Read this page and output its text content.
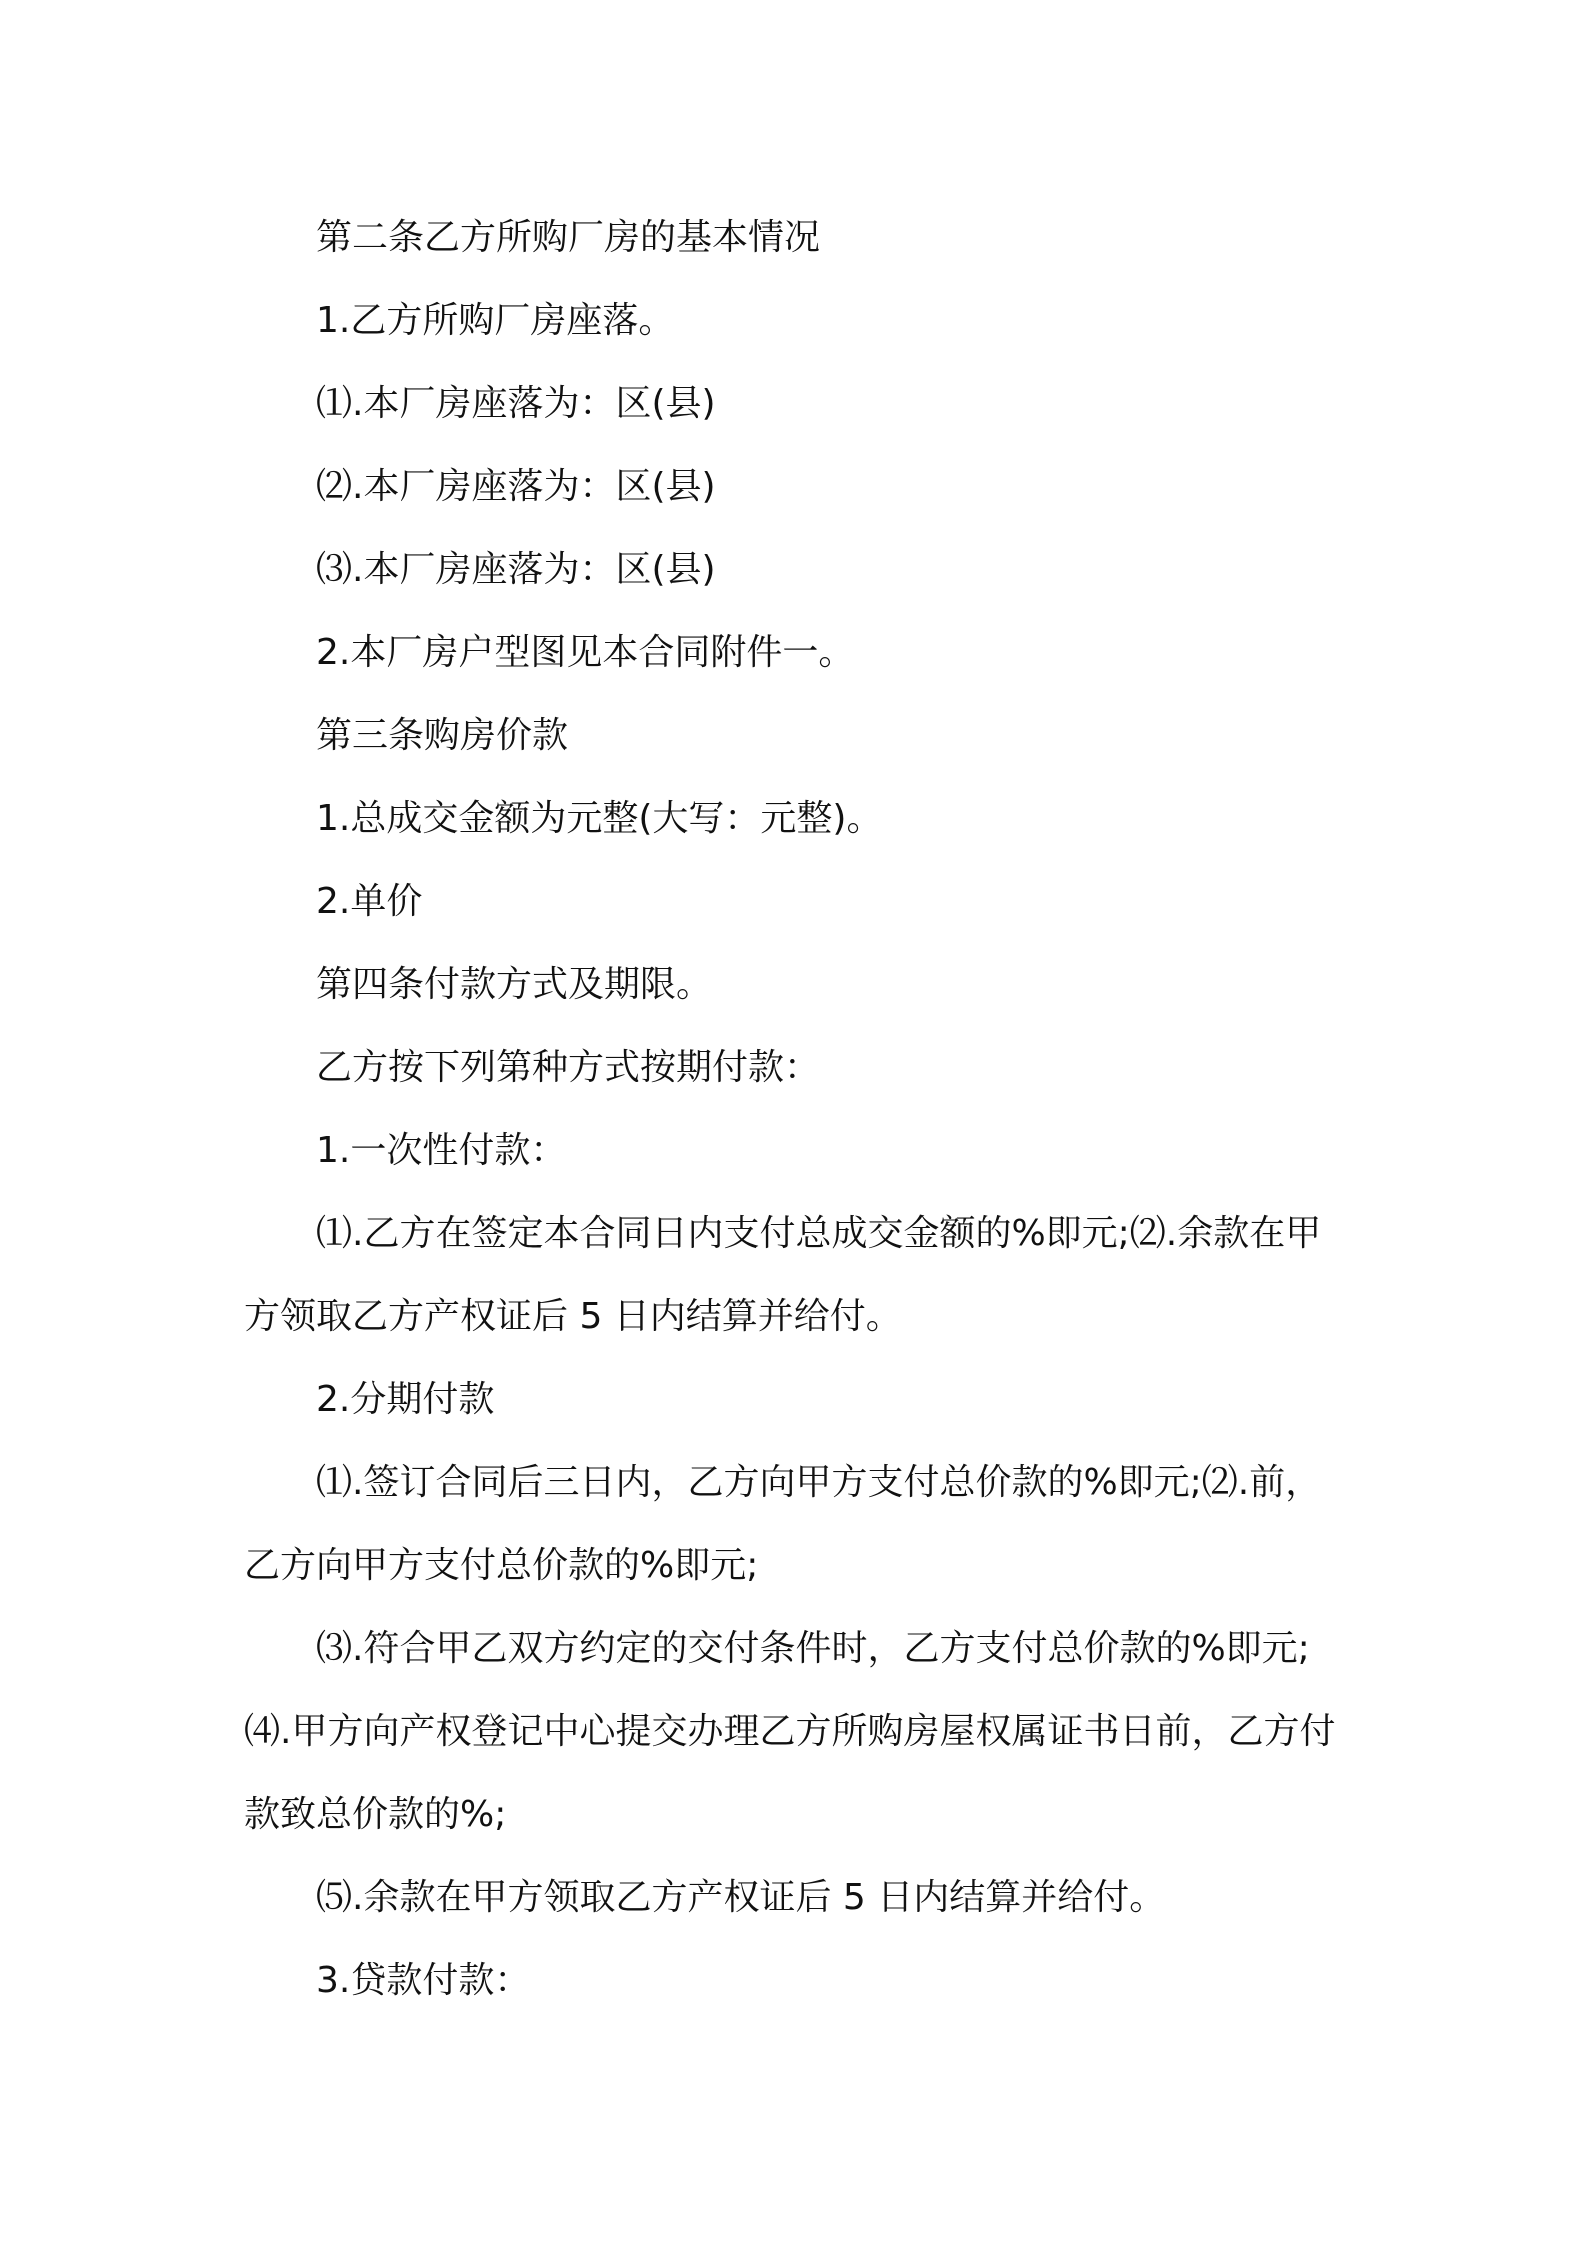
第二条乙方所购厂房的基本情况

1.乙方所购厂房座落。

⑴.本厂房座落为：区(县)

⑵.本厂房座落为：区(县)

⑶.本厂房座落为：区(县)

2.本厂房户型图见本合同附件一。

第三条购房价款

1.总成交金额为元整(大写：元整)。

2.单价

第四条付款方式及期限。

乙方按下列第种方式按期付款：

1.一次性付款：

⑴.乙方在签定本合同日内支付总成交金额的%即元;⑵.余款在甲方领取乙方产权证后 5 日内结算并给付。

2.分期付款

⑴.签订合同后三日内，乙方向甲方支付总价款的%即元;⑵.前，乙方向甲方支付总价款的%即元;

⑶.符合甲乙双方约定的交付条件时，乙方支付总价款的%即元;⑷.甲方向产权登记中心提交办理乙方所购房屋权属证书日前，乙方付款致总价款的%;

⑸.余款在甲方领取乙方产权证后 5 日内结算并给付。

3.贷款付款：
